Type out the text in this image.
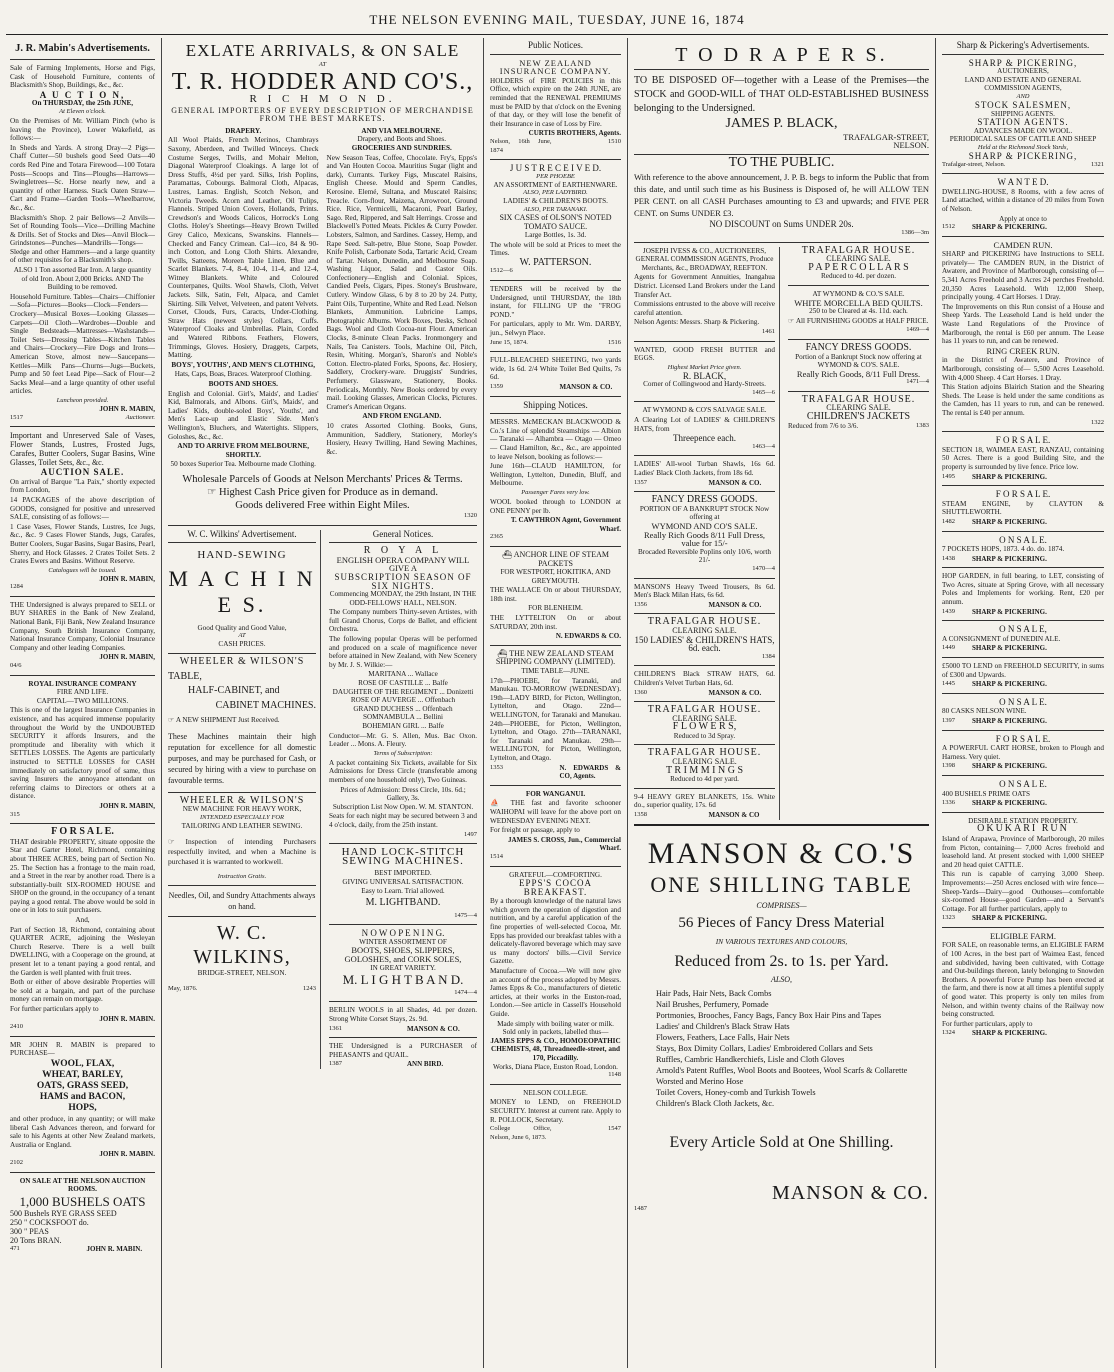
THE NELSON EVENING MAIL, TUESDAY, JUNE 16, 1874
J. R. Mabin's Advertisements.
Sale of Farming Implements, Horse and Pigs, Cask of Household Furniture, contents of Blacksmith's Shop, Buildings, &c., &c.
A U C T I O N,
On THURSDAY, the 25th JUNE,
At Eleven o'clock.
On the Premises of Mr. William Pinch (who is leaving the Province), Lower Wakefield, as follows:—
In Sheds and Yards. A strong Dray—2 Pigs—Chaff Cutter—50 bushels good Seed Oats—40 cords Red Pine and Totara Firewood—100 Totara Posts—Scoops and Tins—Ploughs—Harrows—Swingletrees—Sc. Horse nearly new, and a quantity of other Harness. Stack Oaten Straw—Cart and Frame—Garden Tools—Wheelbarrow, &c., &c.
Blacksmith's Shop. 2 pair Bellows—2 Anvils—Set of Rounding Tools—Vice—Drilling Machine & Drills. Set of Stocks and Dies—Anvil Block—Grindstones—Punches—Mandrills—Tongs—Sledge and other Hammers—and a large quantity of other requisites for a Blacksmith's shop.
ALSO 1 Ton assorted Bar Iron. A large quantity of old Iron. About 2,000 Bricks. AND The Building to be removed.
Household Furniture. Tables—Chairs—Chiffonier—Sofa—Pictures—Books—Clock—Fenders—Crockery—Musical Boxes—Looking Glasses—Carpets—Oil Cloth—Wardrobes—Double and Single Bedsteads—Mattresses—Washstands—Toilet Sets—Dressing Tables—Kitchen Tables and Chairs—Crockery—Fire Dogs and Irons—American Stove, almost new—Saucepans—Kettles—Milk Pans—Churns—Jugs—Buckets, Pump and 50 feet Lead Pipe—Sack of Flour—2 Sacks Meal—and a large quantity of other useful articles.
Luncheon provided.
JOHN R. MABIN,
1517	Auctioneer.
Important and Unreserved Sale of Vases, Flower Stands, Lustres, Frosted Jugs, Carafes, Butter Coolers, Sugar Basins, Wine Glasses, Toilet Sets, &c., &c.
AUCTION SALE.
On arrival of Barque "La Paix," shortly expected from London,
14 PACKAGES of the above description of GOODS, consigned for positive and unreserved SALE, consisting of as follows:—
1 Case Vases, Flower Stands, Lustres, Ice Jugs, &c., &c. 9 Cases Flower Stands, Jugs, Carafes, Butter Coolers, Sugar Basins, Sugar Basins, Pearl, Sherry, and Hock Glasses. 2 Crates Toilet Sets. 2 Crates Ewers and Basins. Without Reserve.
Catalogues will be issued.
JOHN R. MABIN,
1284
THE Undersigned is always prepared to SELL or BUY SHARES in the Bank of New Zealand, National Bank, Fiji Bank, New Zealand Insurance Company, South British Insurance Company, National Insurance Company, Colonial Insurance Company and other leading Companies.
JOHN R. MABIN,
04/6
ROYAL INSURANCE COMPANY
FIRE AND LIFE.
CAPITAL—TWO MILLIONS.
This is one of the largest Insurance Companies in existence, and has acquired immense popularity throughout the World by the UNDOUBTED SECURITY it affords Insurers, and the promptitude and liberality with which it SETTLES LOSSES. The Agents are particularly instructed to SETTLE LOSSES for CASH immediately on satisfactory proof of same, thus saving Insurers the annoyance attendant on referring claims to Directors or others at a distance.
JOHN R. MABIN,
315
F O R S A L E.
THAT desirable PROPERTY, situate opposite the Star and Garter Hotel, Richmond, containing about THREE ACRES, being part of Section No. 25. The Section has a frontage to the main road, and a Street in the rear by another road. There is a substantially-built SIX-ROOMED HOUSE and SHOP on the ground, in the occupancy of a tenant paying a good rental. The above would be sold in one or in lots to suit purchasers.
And,
Part of Section 18, Richmond, containing about QUARTER ACRE, adjoining the Wesleyan Church Reserve. There is a well built DWELLING, with a Cooperage on the ground, at present let to a tenant paying a good rental, and the Garden is well planted with fruit trees.
Both or either of above desirable Properties will be sold at a bargain, and part of the purchase money can remain on mortgage.
For further particulars apply to
JOHN R. MABIN.
2410
MR JOHN R. MABIN is prepared to PURCHASE—
WOOL, FLAX,
WHEAT, BARLEY,
OATS, GRASS SEED,
HAMS and BACON,
HOPS,
and other produce, in any quantity; or will make liberal Cash Advances thereon, and forward for sale to his Agents at other New Zealand markets, Australia or England.
JOHN R. MABIN.
2102
ON SALE AT THE NELSON AUCTION ROOMS.
1,000 BUSHELS OATS
500 Bushels RYE GRASS SEED
250 " COCKSFOOT do.
300 " PEAS
20 Tons BRAN.
471	JOHN R. MABIN.
EXLATE ARRIVALS, & ON SALE
AT
T. R. HODDER AND CO'S.,
R I C H M O N D.
GENERAL IMPORTERS OF EVERY DESCRIPTION OF MERCHANDISE FROM THE BEST MARKETS.
DRAPERY.
All Wool Plaids, French Merinos, Chambrays Saxony, Aberdeen, and Twilled Winceys. Check Costume Serges, Twills, and Mohair Melton, Diagonal Waterproof Cloakings. A large lot of Dress Stuffs, 4½d per yard. Silks, Irish Poplins, Paramattas, Cobourgs. Balmoral Cloth, Alpacas, Lustres, Lamas. English, Scotch Nelson, and Victoria Tweeds. Acorn and Leather, Oil Tulips, Flannels. Striped Union Covers, Hollands, Prints. Crewdson's and Woods Calicos, Horrock's Long Cloths. Holey's Sheetings—Heavy Brown Twilled Grey Calico, Mexicans, Swanskins. Flannels—Checked and Fancy Crimean. Cal—ico, 84 & 90-inch Cotton, and Long Cloth Shirts. Alexandre, Twills, Satteens, Moreen Table Linen. Blue and Scarlet Blankets. 7-4, 8-4, 10-4, 11-4, and 12-4, Witney Blankets. White and Coloured Counterpanes, Quilts. Wool Shawls, Cloth, Velvet Jackets. Silk, Satin, Felt, Alpaca, and Camlet Skirting. Silk Velvet, Velveteen, and patent Velvets. Corset, Clouds, Furs, Caracts, Under-Clothing. Straw Hats (newest styles) Collars, Cuffs. Waterproof Cloaks and Umbrellas. Plain, Corded and Watered Ribbons. Feathers, Flowers, Trimmings, Gloves. Hosiery, Draggets, Carpets, Matting.
BOYS', YOUTHS', AND MEN'S CLOTHING,
Hats, Caps, Boas, Braces. Waterproof Clothing.
BOOTS AND SHOES.
English and Colonial. Girl's, Maids', and Ladies' Kid, Balmorals, and Albons. Girl's, Maids', and Ladies' Kids, double-soled Boys', Youths', and Men's Lace-up and Elastic Side. Men's Wellington's, Bluchers, and Watertights. Slippers, Goloshes, &c., &c.
AND TO ARRIVE FROM MELBOURNE, SHORTLY.
50 boxes Superior Tea. Melbourne made Clothing.
AND VIA MELBOURNE.
Drapery, and Boots and Shoes.
GROCERIES AND SUNDRIES.
New Season Teas, Coffee, Chocolate. Fry's, Epps's and Van Houten Cocoa. Mauritius Sugar (light and dark), Currants. Turkey Figs, Muscatel Raisins, English Cheese. Mould and Sperm Candles, Kerosine. Elemé, Sultana, and Muscatel Raisins; Treacle. Corn-flour, Maizena, Arrowroot, Ground Rice. Rice, Vermicelli, Macaroni, Pearl Barley, Sago. Red, Rippered, and Salt Herrings. Crosse and Blackwell's Potted Meats. Pickles & Curry Powder. Lobsters, Salmon, and Sardines. Cassey, Hemp, and Rape Seed. Salt-petre, Blue Stone, Soap Powder. Knife Polish, Carbonate Soda, Tartaric Acid, Cream of Tartar. Nelson, Dunedin, and Melbourne Soap. Washing Liquor, Salad and Castor Oils. Confectionery—English and Colonial. Spices, Candied Peels, Cigars, Pipes. Stoney's Brushware, Cutlery. Window Glass, 6 by 8 to 20 by 24. Putty, Paint Oils, Turpentine, White and Red Lead. Nelson Blankets, Ammunition. Lubricine Lamps, Photographic Albums. Work Boxes, Desks, School Bags. Wool and Cloth Cocoa-nut Flour. American Clocks, 8-minute Clean Packs. Ironmongery and Nails, Tea Canisters. Tools, Machine Oil, Pitch, Resin, Whiting. Morgan's, Sharon's and Noble's Cotton. Electro-plated Forks, Spoons, &c. Hosiery, Saddlery, Crockery-ware. Druggists' Sundries, Perfumery. Glassware, Stationery, Books. Periodicals, Monthly. New Books ordered by every mail. Looking Glasses, American Clocks, Pictures. Cramer's American Organs.
AND FROM ENGLAND.
10 crates Assorted Clothing. Books, Guns, Ammunition, Saddlery, Stationery, Morley's Hosiery, Heavy Twilling, Hand Sewing Machines, &c.
Wholesale Parcels of Goods at Nelson Merchants' Prices & Terms.
☞ Highest Cash Price given for Produce as in demand.
Goods delivered Free within Eight Miles.
1320
W. C. Wilkins' Advertisement.
HAND-SEWING
M A C H I N E S.
Good Quality and Good Value,
AT
CASH PRICES.
WHEELER & WILSON'S
TABLE,
HALF-CABINET, and
CABINET MACHINES.
☞ A NEW SHIPMENT Just Received.
These Machines maintain their high reputation for excellence for all domestic purposes, and may be purchased for Cash, or secured by hiring with a view to purchase on favourable terms.
WHEELER & WILSON'S
NEW MACHINE FOR HEAVY WORK,
INTENDED ESPECIALLY FOR
TAILORING AND LEATHER SEWING.
☞ Inspection of intending Purchasers respectfully invited, and when a Machine is purchased it is warranted to workwell.
Instruction Gratis.
Needles, Oil, and Sundry Attachments always on hand.
W. C. WILKINS,
BRIDGE-STREET, NELSON.
May, 1876.	1243
General Notices.
R O Y A L
ENGLISH OPERA COMPANY WILL GIVE A
SUBSCRIPTION SEASON OF SIX NIGHTS.
Commencing MONDAY, the 29th Instant, IN THE ODD-FELLOWS' HALL, NELSON.
The Company numbers Thirty-seven Artistes, with full Grand Chorus, Corps de Ballet, and efficient Orchestra.
The following popular Operas will be performed and produced on a scale of magnificence never before attained in New Zealand, with New Scenery by Mr. J. S. Wilkie:—
MARITANA ... Wallace
ROSE OF CASTILLE ... Balfe
DAUGHTER OF THE REGIMENT ... Donizetti
ROSE OF AUVERGE ... Offenbach
GRAND DUCHESS ... Offenbach
SOMNAMBULA ... Bellini
BOHEMIAN GIRL ... Balfe
Conductor—Mr. G. S. Allen, Mus. Bac Oxon. Leader ... Mons. A. Fleury.
Terms of Subscription:
A packet containing Six Tickets, available for Six Admissions for Dress Circle (transferable among members of one household only), Two Guineas.
Prices of Admission: Dress Circle, 10s. 6d.; Gallery, 3s.
Subscription List Now Open. W. M. STANTON.
Seats for each night may be secured between 3 and 4 o'clock, daily, from the 25th instant.
1497
HAND LOCK-STITCH
SEWING MACHINES.
BEST IMPORTED.
GIVING UNIVERSAL SATISFACTION.
Easy to Learn. Trial allowed.
M. LIGHTBAND.
1475—4
N O W O P E N I N G.
WINTER ASSORTMENT OF
BOOTS, SHOES, SLIPPERS, GOLOSHES, and CORK SOLES,
IN GREAT VARIETY.
M. L I G H T B A N D.
1474—4
BERLIN WOOLS in all Shades, 4d. per dozen. Strong White Corset Stays, 2s. 9d.
1361	MANSON & CO.
THE Undersigned is a PURCHASER of PHEASANTS and QUAIL.
1387	ANN BIRD.
Public Notices.
NEW ZEALAND INSURANCE COMPANY.
HOLDERS of FIRE POLICIES in this Office, which expire on the 24th JUNE, are reminded that the RENEWAL PREMIUMS must be PAID by that o'clock on the Evening of that day, or they will lose the benefit of their Insurance in case of Loss by Fire.
CURTIS BROTHERS, Agents.
Nelson, 16th June, 1874
1510
J U S T R E C E I V E D.
PER PHOEBE
AN ASSORTMENT of EARTHENWARE.
ALSO, PER LADYBIRD.
LADIES' & CHILDREN'S BOOTS.
ALSO, PER TARANAKI.
SIX CASES of OLSON'S NOTED TOMATO SAUCE.
Large Bottles, 1s. 3d.
The whole will be sold at Prices to meet the Times.
W. PATTERSON.
1512—6
TENDERS will be received by the Undersigned, until THURSDAY, the 18th instant, for FILLING UP the "FROG POND."
For particulars, apply to Mr. Wm. DARBY, jun., Selwyn Place.
June 15, 1874.	1516
FULL-BLEACHED SHEETING, two yards wide, 1s 6d. 2/4 White Toilet Bed Quilts, 7s 6d.
1359	MANSON & CO.
Shipping Notices.
MESSRS. McMECKAN BLACKWOOD & Co.'s Line of splendid Steamships — Albion — Taranaki — Alhambra — Otago — Omeo — Claud Hamilton, &c., &c., are appointed to leave Nelson, booking as follows:—
June 16th—CLAUD HAMILTON, for Wellington, Lyttelton, Dunedin, Bluff, and Melbourne.
Passenger Fares very low.
WOOL booked through to LONDON at ONE PENNY per lb.
T. CAWTHRON Agent, Government Wharf.
2365
⛴ ANCHOR LINE OF STEAM PACKETS
FOR WESTPORT, HOKITIKA, AND GREYMOUTH.
THE WALLACE On or about THURSDAY, 18th inst.
FOR BLENHEIM.
THE LYTTELTON On or about SATURDAY, 20th inst.
N. EDWARDS & CO.
⛴ THE NEW ZEALAND STEAM SHIPPING COMPANY (LIMITED).
TIME TABLE—JUNE.
17th—PHOEBE, for Taranaki, and Manukau. TO-MORROW (WEDNESDAY). 19th—LADY BIRD, for Picton, Wellington, Lyttelton, and Otago. 22nd—WELLINGTON, for Taranaki and Manukau. 24th—PHOEBE, for Picton, Wellington, Lyttelton, and Otago. 27th—TARANAKI, for Taranaki and Manukau. 29th—WELLINGTON, for Picton, Wellington, Lyttelton, and Otago.
1353	N. EDWARDS & CO, Agents.
FOR WANGANUI.
⛵ THE fast and favorite schooner WAIHOPAI will leave for the above port on WEDNESDAY EVENING NEXT.
For freight or passage, apply to
JAMES S. CROSS, Jun., Commercial Wharf.
1514
GRATEFUL—COMFORTING.
EPPS'S COCOA BREAKFAST.
By a thorough knowledge of the natural laws which govern the operation of digestion and nutrition, and by a careful application of the fine properties of well-selected Cocoa, Mr. Epps has provided our breakfast tables with a delicately-flavored beverage which may save us many doctors' bills.—Civil Service Gazette.
Manufacture of Cocoa.—We will now give an account of the process adopted by Messrs. James Epps & Co., manufacturers of dietetic articles, at their works in the Euston-road, London.—See article in Cassell's Household Guide.
Made simply with boiling water or milk.
Sold only in packets, labelled thus—
JAMES EPPS & CO., HOMOEOPATHIC CHEMISTS, 48, Threadneedle-street, and 170, Piccadilly.
Works, Diana Place, Euston Road, London.
1148
NELSON COLLEGE.
MONEY to LEND, on FREEHOLD SECURITY. Interest at current rate. Apply to R. POLLOCK, Secretary.
College Office, Nelson, June 6, 1873.
1547
T O D R A P E R S.
TO BE DISPOSED OF—together with a Lease of the Premises—the STOCK and GOOD-WILL of THAT OLD-ESTABLISHED BUSINESS belonging to the Undersigned.
JAMES P. BLACK,
TRAFALGAR-STREET,
NELSON.
TO THE PUBLIC.
With reference to the above announcement, J. P. B. begs to inform the Public that from this date, and until such time as his Business is Disposed of, he will ALLOW TEN PER CENT. on all CASH Purchases amounting to £3 and upwards; and FIVE PER CENT. on Sums UNDER £3.
NO DISCOUNT on Sums UNDER 20s.
1386—3m
JOSEPH IVESS & CO., AUCTIONEERS, GENERAL COMMISSION AGENTS, Produce Merchants, &c., BROADWAY, REEFTON.
Agents for Government Annuities, Inangahua District. Licensed Land Brokers under the Land Transfer Act.
Commissions entrusted to the above will receive careful attention.
Nelson Agents: Messrs. Sharp & Pickering.
1461
WANTED, GOOD FRESH BUTTER and EGGS.
Highest Market Price given.
R. BLACK,
Corner of Collingwood and Hardy-Streets.
1465—6
AT WYMOND & CO'S SALVAGE SALE.
A Clearing Lot of LADIES' & CHILDREN'S HATS, from
Threepence each.
1463—4
LADIES' All-wool Turban Shawls, 16s 6d. Ladies' Black Cloth Jackets, from 18s 6d.
1357	MANSON & CO.
FANCY DRESS GOODS.
PORTION OF A BANKRUPT STOCK Now offering at
WYMOND AND CO'S SALE.
Really Rich Goods 8/11 Full Dress, value for 15/-
Brocaded Reversible Poplins only 10/6, worth 21/-
1470—4
MANSON'S Heavy Tweed Trousers, 8s 6d. Men's Black Milan Hats, 6s 6d.
1356	MANSON & CO.
TRAFALGAR HOUSE.
CLEARING SALE.
150 LADIES' & CHILDREN'S HATS,
6d. each.
1384
CHILDREN'S Black STRAW HATS, 6d. Children's Velvet Turban Hats, 6d.
1360	MANSON & CO.
TRAFALGAR HOUSE.
CLEARING SALE.
F L O W E R S,
Reduced to 3d Spray.
TRAFALGAR HOUSE.
CLEARING SALE.
T R I M M I N G S
Reduced to 4d per yard.
9-4 HEAVY GREY BLANKETS, 15s. White do., superior quality, 17s. 6d
1358	MANSON & CO
TRAFALGAR HOUSE.
CLEARING SALE.
P A P E R C O L L A R S
Reduced to 4d. per dozen.
AT WYMOND & CO.'S SALE.
WHITE MORCELLA BED QUILTS.
250 to be Cleared at 4s. 11d. each.
☞ All FURNISHING GOODS at HALF PRICE.
1469—4
FANCY DRESS GOODS.
Portion of a Bankrupt Stock now offering at WYMOND & CO'S. SALE.
Really Rich Goods, 8/11 Full Dress.
1471—4
TRAFALGAR HOUSE.
CLEARING SALE.
CHILDREN'S JACKETS
Reduced from 7/6 to 3/6.	1383
MANSON & CO.'S
ONE SHILLING TABLE
COMPRISES—
56 Pieces of Fancy Dress Material
IN VARIOUS TEXTURES AND COLOURS,
Reduced from 2s. to 1s. per Yard.
ALSO,
Hair Pads, Hair Nets, Back Combs
Nail Brushes, Perfumery, Pomade
Portmonies, Brooches, Fancy Bags, Fancy Box Hair Pins and Tapes
Ladies' and Children's Black Straw Hats
Flowers, Feathers, Lace Falls, Hair Nets
Stays, Box Dimity Collars, Ladies' Embroidered Collars and Sets
Ruffles, Cambric Handkerchiefs, Lisle and Cloth Gloves
Arnold's Patent Ruffles, Wool Boots and Bootees, Wool Scarfs & Collarette
Worsted and Merino Hose
Toilet Covers, Honey-comb and Turkish Towels
Children's Black Cloth Jackets, &c.
Every Article Sold at One Shilling.
MANSON & CO.
1487
Sharp & Pickering's Advertisements.
SHARP & PICKERING,
AUCTIONEERS,
LAND AND ESTATE AND GENERAL COMMISSION AGENTS,
AND
STOCK SALESMEN,
SHIPPING AGENTS.
STATION AGENTS.
ADVANCES MADE ON WOOL.
PERIODICAL SALES OF CATTLE AND SHEEP
Held at the Richmond Stock Yards,
SHARP & PICKERING,
Trafalgar-street, Nelson.	1321
W A N T E D.
DWELLING-HOUSE, 8 Rooms, with a few acres of Land attached, within a distance of 20 miles from Town of Nelson.
Apply at once to
1512	SHARP & PICKERING.
CAMDEN RUN.
SHARP and PICKERING have Instructions to SELL privately— The CAMDEN RUN, in the District of Awatere, and Province of Marlborough, consisting of— 5,341 Acres Freehold and 3 Acres 24 perches Freehold. 20,350 Acres Leasehold. With 12,000 Sheep, principally young. 4 Cart Horses. 1 Dray.
The Improvements on this Run consist of a House and Sheep Yards. The Leasehold Land is held under the Waste Land Regulations of the Province of Marlborough, the rental is £60 per annum. The Lease has 11 years to run, and can be renewed.
RING CREEK RUN.
in the District of Awatere, and Province of Marlborough, consisting of— 5,500 Acres Leasehold. With 4,000 Sheep. 4 Cart Horses. 1 Dray.
This Station adjoins Blairich Station and the Shearing Sheds. The Lease is held under the same conditions as the Camden, has 11 years to run, and can be renewed. The rental is £40 per annum.
1322
F O R S A L E.
SECTION 18, WAIMEA EAST, RANZAU, containing 50 Acres. There is a good Building Site, and the property is surrounded by live fence. Price low.
1495	SHARP & PICKERING.
F O R S A L E.
STEAM ENGINE, by CLAYTON & SHUTTLEWORTH.
1482	SHARP & PICKERING.
O N S A L E.
7 POCKETS HOPS, 1873. 4 do. do. 1874.
1438	SHARP & PICKERING.
HOP GARDEN, in full bearing, to LET, consisting of Two Acres, situate at Spring Grove, with all necessary Poles and Implements for working. Rent, £20 per annum.
1439	SHARP & PICKERING.
O N S A L E,
A CONSIGNMENT of DUNEDIN ALE.
1449	SHARP & PICKERING.
£5000 TO LEND on FREEHOLD SECURITY, in sums of £300 and Upwards.
1445	SHARP & PICKERING.
O N S A L E.
80 CASKS NELSON WINE.
1397	SHARP & PICKERING.
F O R S A L E.
A POWERFUL CART HORSE, broken to Plough and Harness. Very quiet.
1398	SHARP & PICKERING.
O N S A L E.
400 BUSHELS PRIME OATS
1336	SHARP & PICKERING.
DESIRABLE STATION PROPERTY.
OKUKARI RUN
Island of Arapawa, Province of Marlborough, 20 miles from Picton, containing— 7,000 Acres freehold and leasehold land. At present stocked with 1,000 SHEEP and 20 head quiet CATTLE.
This run is capable of carrying 3,000 Sheep. Improvements:—250 Acres enclosed with wire fence—Sheep-Yards—Dairy—good Outhouses—comfortable six-roomed House—good Garden—and a Servant's Cottage. For all further particulars, apply to
1323	SHARP & PICKERING.
ELIGIBLE FARM.
FOR SALE, on reasonable terms, an ELIGIBLE FARM of 100 Acres, in the best part of Waimea East, fenced and subdivided, having been cultivated, with Cottage and Out-buildings thereon, lately belonging to Snowden Brothers. A powerful Force Pump has been erected at the farm, and there is now at all times a plentiful supply of good water. This property is only ten miles from Nelson, and within twenty chains of the Railway now being constructed.
For further particulars, apply to
1324	SHARP & PICKERING.
